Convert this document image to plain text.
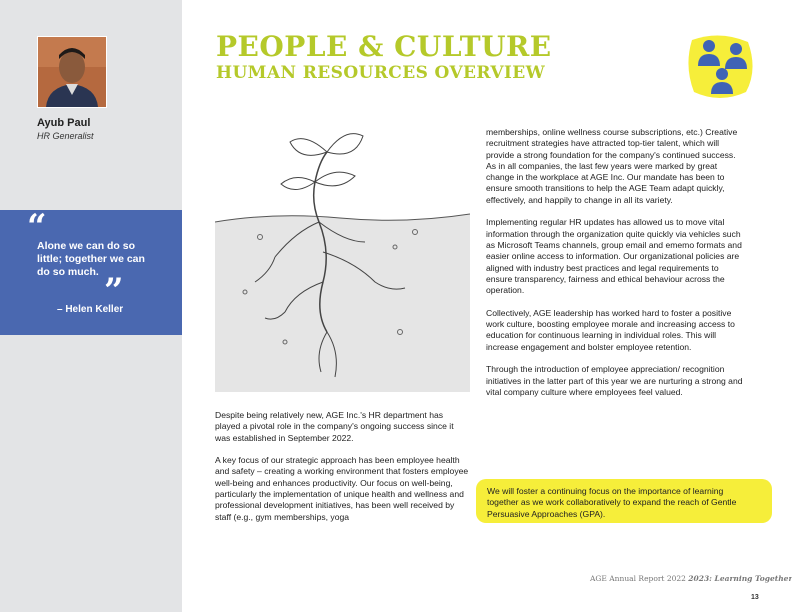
Ayub Paul
HR Generalist
“
Alone we can do so little; together we can do so much. ”
– Helen Keller
PEOPLE & CULTURE
HUMAN RESOURCES OVERVIEW

Despite being relatively new, AGE Inc.'s HR department has played a pivotal role in the company's ongoing success since it was established in September 2022.

A key focus of our strategic approach has been employee health and safety – creating a working environment that fosters employee well-being and enhances productivity. Our focus on well-being, particularly the implementation of unique health and wellness and professional development initiatives, has been well received by staff (e.g., gym memberships, yoga

memberships, online wellness course subscriptions, etc.) Creative recruitment strategies have attracted top-tier talent, which will provide a strong foundation for the company's continued success. As in all companies, the last few years were marked by great change in the workplace at AGE Inc. Our mandate has been to ensure smooth transitions to help the AGE Team adapt quickly, effectively, and happily to change in all its variety.

Implementing regular HR updates has allowed us to move vital information through the organization quite quickly via vehicles such as Microsoft Teams channels, group email and ememo formats and easier online access to information. Our organizational policies are aligned with industry best practices and legal requirements to ensure transparency, fairness and ethical behaviour across the operation.

Collectively, AGE leadership has worked hard to foster a positive work culture, boosting employee morale and increasing access to education for continuous learning in individual roles. This will increase engagement and bolster employee retention.

Through the introduction of employee appreciation/ recognition initiatives in the latter part of this year we are nurturing a strong and vital company culture where employees feel valued.

We will foster a continuing focus on the importance of learning together as we work collaboratively to expand the reach of Gentle Persuasive Approaches (GPA).
AGE Annual Report 2022 2023: Learning Together
13
